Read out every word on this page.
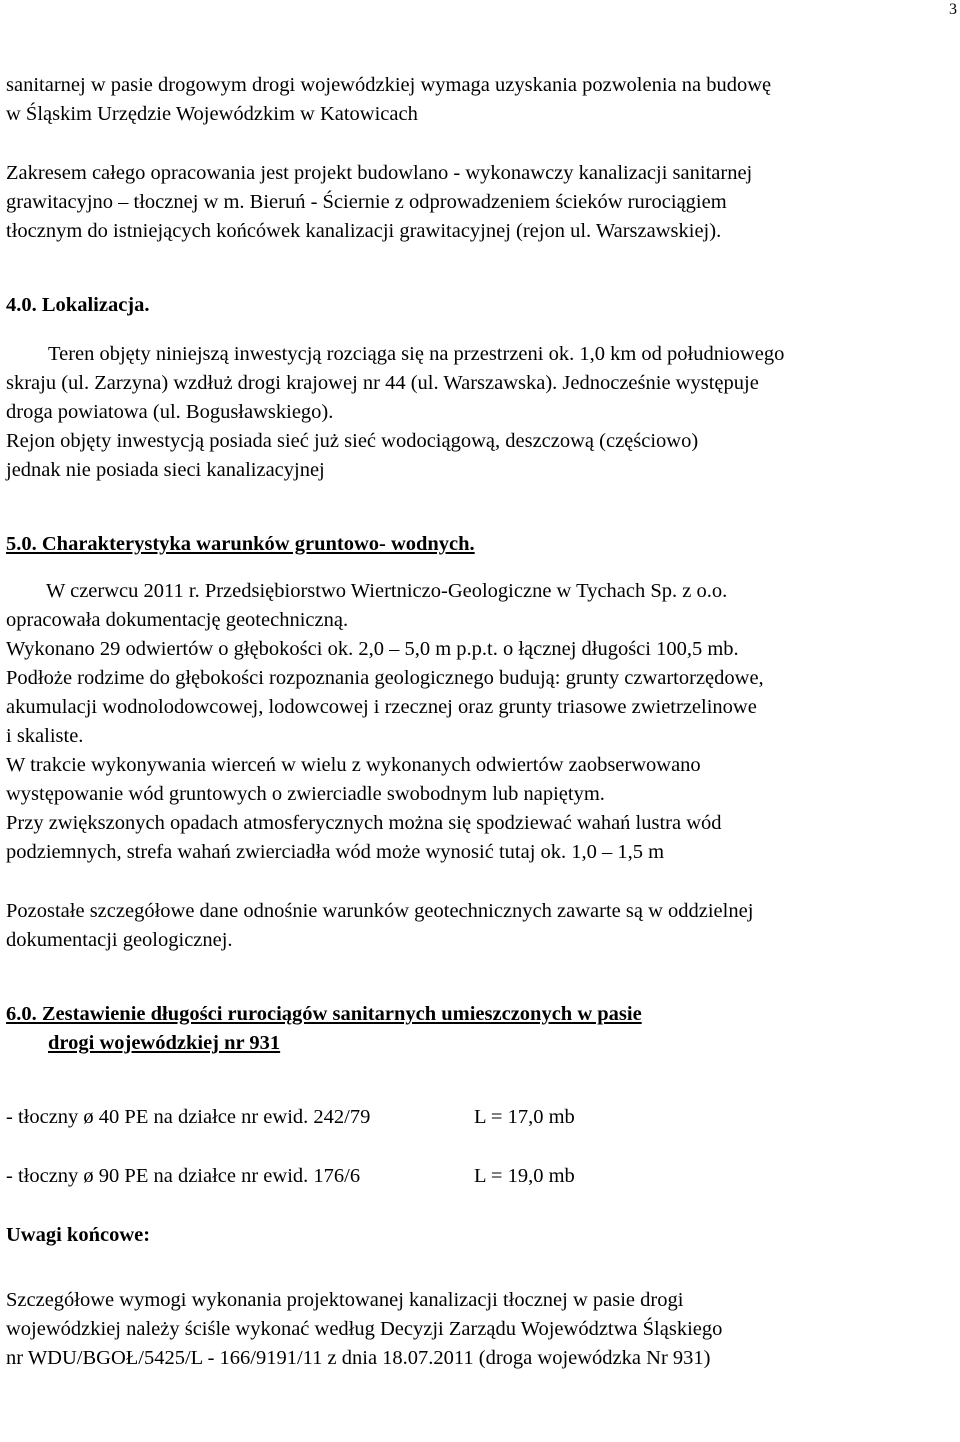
3

sanitarnej w pasie drogowym drogi wojewódzkiej wymaga uzyskania pozwolenia na budowę
w Śląskim Urzędzie Wojewódzkim w Katowicach

Zakresem całego opracowania jest projekt budowlano - wykonawczy kanalizacji sanitarnej
grawitacyjno – tłocznej w m. Bieruń - Ściernie z odprowadzeniem ścieków rurociągiem
tłocznym do istniejących końcówek kanalizacji grawitacyjnej (rejon ul. Warszawskiej).

4.0. Lokalizacja.

Teren objęty niniejszą inwestycją rozciąga się na przestrzeni ok. 1,0 km od południowego
skraju (ul. Zarzyna) wzdłuż drogi krajowej nr 44 (ul. Warszawska). Jednocześnie występuje
droga powiatowa (ul. Bogusławskiego).
Rejon objęty inwestycją posiada sieć już sieć wodociągową, deszczową (częściowo)
jednak nie posiada sieci kanalizacyjnej

5.0. Charakterystyka warunków gruntowo- wodnych.

W czerwcu 2011 r. Przedsiębiorstwo Wiertniczo-Geologiczne w Tychach Sp. z o.o.
opracowała dokumentację geotechniczną.
Wykonano 29 odwiertów o głębokości ok. 2,0 – 5,0 m p.p.t. o łącznej długości 100,5 mb.
Podłoże rodzime do głębokości rozpoznania geologicznego budują: grunty czwartorzędowe,
akumulacji wodnolodowcowej, lodowcowej i rzecznej oraz grunty triasowe zwietrzelinowe
i skaliste.
W trakcie wykonywania wierceń w wielu z wykonanych odwiertów zaobserwowano
występowanie wód gruntowych o zwierciadle swobodnym lub napiętym.
Przy zwiększonych opadach atmosferycznych można się spodziewać wahań lustra wód
podziemnych, strefa wahań zwierciadła wód może wynosić tutaj ok. 1,0 – 1,5 m

Pozostałe szczegółowe dane odnośnie warunków geotechnicznych zawarte są w oddzielnej
dokumentacji geologicznej.

6.0. Zestawienie długości rurociągów sanitarnych umieszczonych w pasie

drogi wojewódzkiej nr 931

- tłoczny ø 40 PE na działce nr ewid. 242/79	L = 17,0 mb
- tłoczny ø 90 PE na działce nr ewid. 176/6	L = 19,0 mb

Uwagi końcowe:

Szczegółowe wymogi wykonania projektowanej kanalizacji tłocznej w pasie drogi
wojewódzkiej należy ściśle wykonać według Decyzji Zarządu Województwa Śląskiego
nr WDU/BGOŁ/5425/L - 166/9191/11 z dnia 18.07.2011 (droga wojewódzka Nr 931)
